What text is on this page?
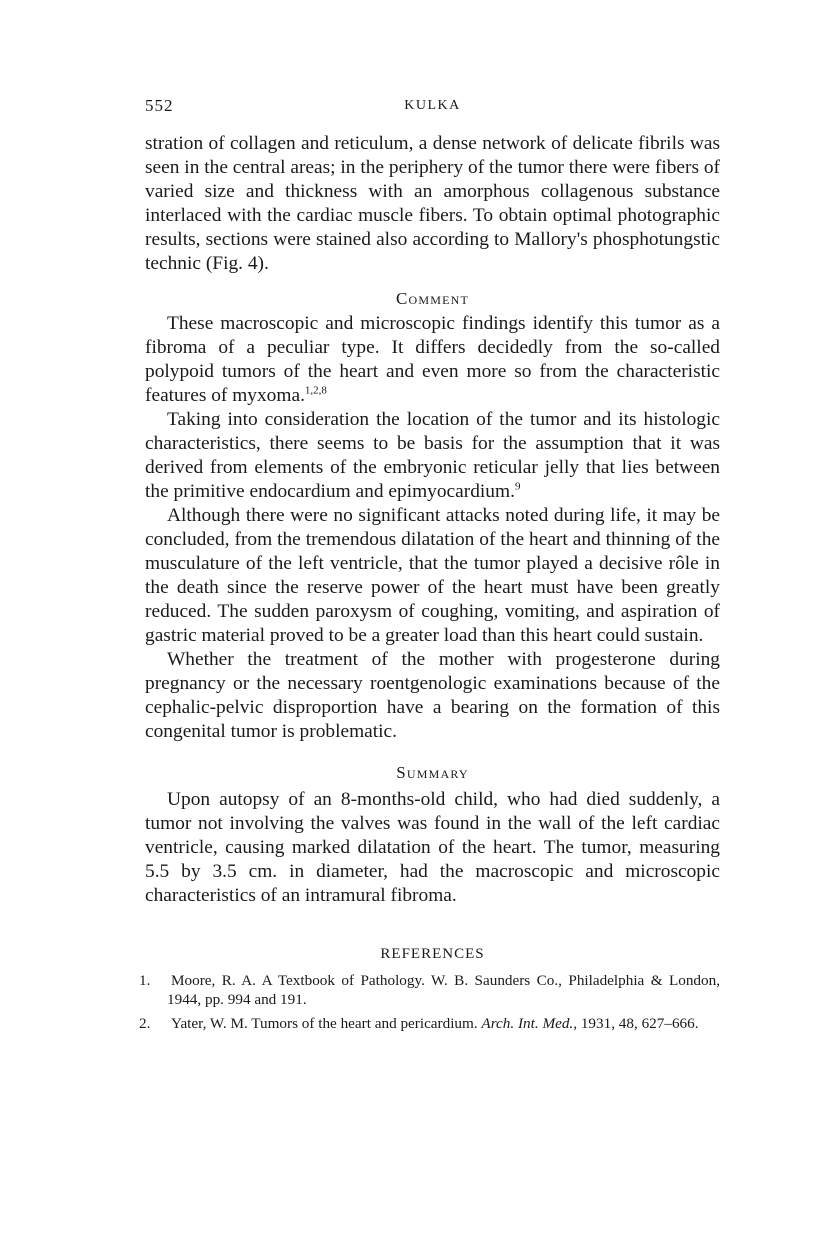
552	KULKA

stration of collagen and reticulum, a dense network of delicate fibrils was seen in the central areas; in the periphery of the tumor there were fibers of varied size and thickness with an amorphous collagenous substance interlaced with the cardiac muscle fibers. To obtain optimal photographic results, sections were stained also according to Mallory's phosphotungstic technic (Fig. 4).

Comment

These macroscopic and microscopic findings identify this tumor as a fibroma of a peculiar type. It differs decidedly from the so-called polypoid tumors of the heart and even more so from the characteristic features of myxoma.$^{1,2,8}$

Taking into consideration the location of the tumor and its histologic characteristics, there seems to be basis for the assumption that it was derived from elements of the embryonic reticular jelly that lies between the primitive endocardium and epimyocardium.$^9$

Although there were no significant attacks noted during life, it may be concluded, from the tremendous dilatation of the heart and thinning of the musculature of the left ventricle, that the tumor played a decisive rôle in the death since the reserve power of the heart must have been greatly reduced. The sudden paroxysm of coughing, vomiting, and aspiration of gastric material proved to be a greater load than this heart could sustain.

Whether the treatment of the mother with progesterone during pregnancy or the necessary roentgenologic examinations because of the cephalic-pelvic disproportion have a bearing on the formation of this congenital tumor is problematic.

Summary

Upon autopsy of an 8-months-old child, who had died suddenly, a tumor not involving the valves was found in the wall of the left cardiac ventricle, causing marked dilatation of the heart. The tumor, measuring 5.5 by 3.5 cm. in diameter, had the macroscopic and microscopic characteristics of an intramural fibroma.

REFERENCES
1. Moore, R. A. A Textbook of Pathology. W. B. Saunders Co., Philadelphia & London, 1944, pp. 994 and 191.
2. Yater, W. M. Tumors of the heart and pericardium. Arch. Int. Med., 1931, 48, 627–666.
